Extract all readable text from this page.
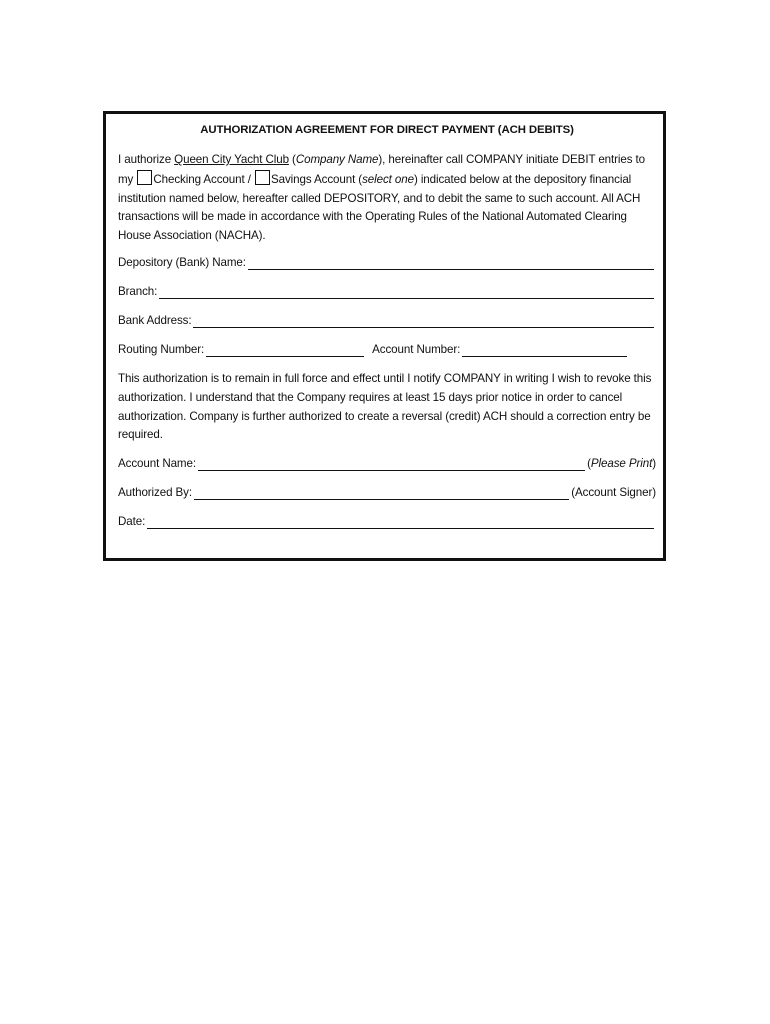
AUTHORIZATION AGREEMENT FOR DIRECT PAYMENT (ACH DEBITS)
I authorize Queen City Yacht Club (Company Name), hereinafter call COMPANY initiate DEBIT entries to my Checking Account / Savings Account (select one) indicated below at the depository financial institution named below, hereafter called DEPOSITORY, and to debit the same to such account. All ACH transactions will be made in accordance with the Operating Rules of the National Automated Clearing House Association (NACHA).
Depository (Bank) Name:
Branch:
Bank Address:
Routing Number:	Account Number:
This authorization is to remain in full force and effect until I notify COMPANY in writing I wish to revoke this authorization. I understand that the Company requires at least 15 days prior notice in order to cancel authorization. Company is further authorized to create a reversal (credit) ACH should a correction entry be required.
Account Name:	(Please Print)
Authorized By:	(Account Signer)
Date:
